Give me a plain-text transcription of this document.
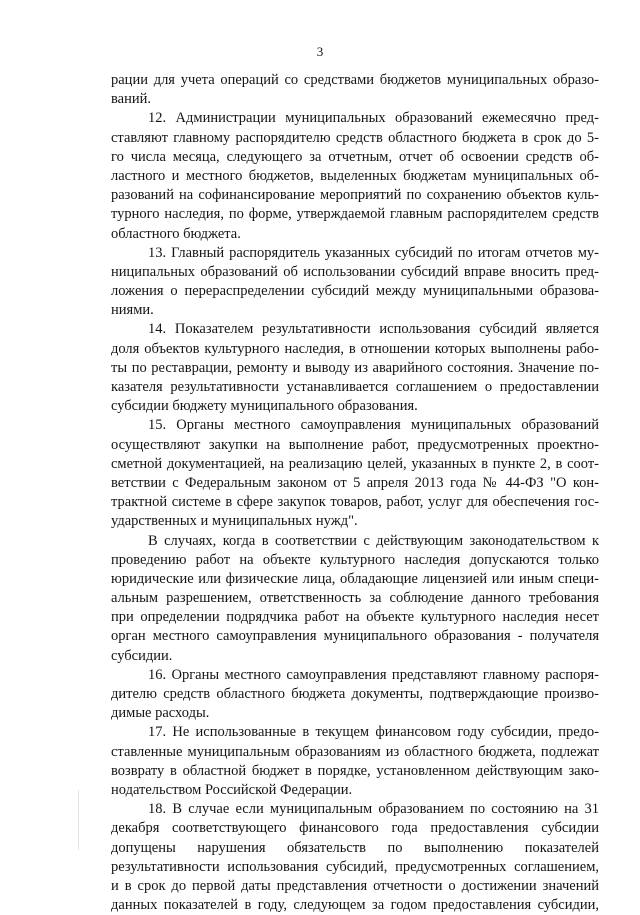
3
рации для учета операций со средствами бюджетов муниципальных образо-
ваний.
12. Администрации муниципальных образований ежемесячно пред-
ставляют главному распорядителю средств областного бюджета в срок до 5-
го числа месяца, следующего за отчетным, отчет об освоении средств об-
ластного и местного бюджетов, выделенных бюджетам муниципальных об-
разований на софинансирование мероприятий по сохранению объектов куль-
турного наследия, по форме, утверждаемой главным распорядителем средств
областного бюджета.
13. Главный распорядитель указанных субсидий по итогам отчетов му-
ниципальных образований об использовании субсидий вправе вносить пред-
ложения о перераспределении субсидий между муниципальными образова-
ниями.
14. Показателем результативности использования субсидий является
доля объектов культурного наследия, в отношении которых выполнены рабо-
ты по реставрации, ремонту и выводу из аварийного состояния. Значение по-
казателя результативности устанавливается соглашением о предоставлении
субсидии бюджету муниципального образования.
15. Органы местного самоуправления муниципальных образований
осуществляют закупки на выполнение работ, предусмотренных проектно-
сметной документацией, на реализацию целей, указанных в пункте 2, в соот-
ветствии с Федеральным законом от 5 апреля 2013 года № 44-ФЗ "О кон-
трактной системе в сфере закупок товаров, работ, услуг для обеспечения гос-
ударственных и муниципальных нужд".
В случаях, когда в соответствии с действующим законодательством к
проведению работ на объекте культурного наследия допускаются только
юридические или физические лица, обладающие лицензией или иным специ-
альным разрешением, ответственность за соблюдение данного требования
при определении подрядчика работ на объекте культурного наследия несет
орган местного самоуправления муниципального образования - получателя
субсидии.
16. Органы местного самоуправления представляют главному распоря-
дителю средств областного бюджета документы, подтверждающие произво-
димые расходы.
17. Не использованные в текущем финансовом году субсидии, предо-
ставленные муниципальным образованиям из областного бюджета, подлежат
возврату в областной бюджет в порядке, установленном действующим зако-
нодательством Российской Федерации.
18. В случае если муниципальным образованием по состоянию на 31
декабря соответствующего финансового года предоставления субсидии
допущены нарушения обязательств по выполнению показателей
результативности использования субсидий, предусмотренных соглашением,
и в срок до первой даты представления отчетности о достижении значений
данных показателей в году, следующем за годом предоставления субсидии,
